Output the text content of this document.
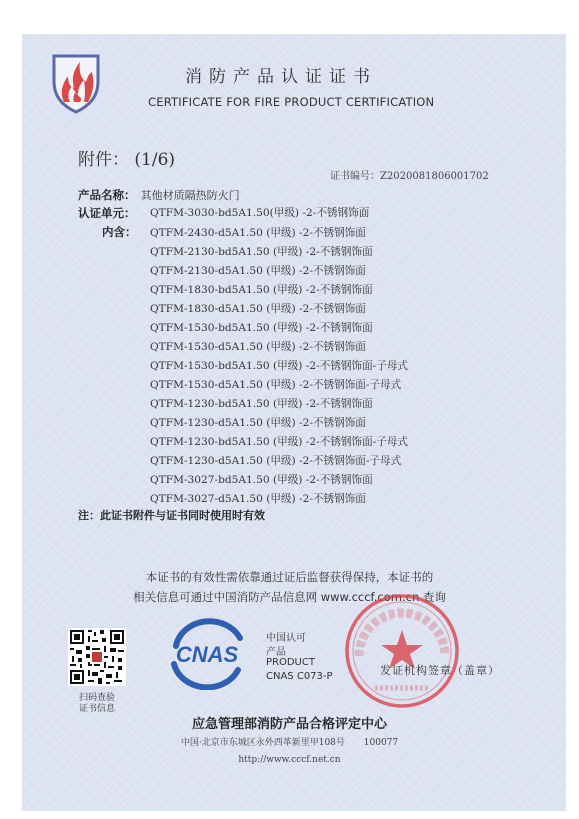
消防产品认证证书
CERTIFICATE FOR FIRE PRODUCT CERTIFICATION
附件： (1/6)
证书编号：Z2020081806001702
产品名称： 其他材质隔热防火门
认证单元： QTFM-3030-bd5A1.50(甲级) -2-不锈钢饰面
内含： QTFM-2430-d5A1.50 (甲级) -2-不锈钢饰面
QTFM-2130-bd5A1.50 (甲级) -2-不锈钢饰面
QTFM-2130-d5A1.50 (甲级) -2-不锈钢饰面
QTFM-1830-bd5A1.50 (甲级) -2-不锈钢饰面
QTFM-1830-d5A1.50 (甲级) -2-不锈钢饰面
QTFM-1530-bd5A1.50 (甲级) -2-不锈钢饰面
QTFM-1530-d5A1.50 (甲级) -2-不锈钢饰面
QTFM-1530-bd5A1.50 (甲级) -2-不锈钢饰面-子母式
QTFM-1530-d5A1.50 (甲级) -2-不锈钢饰面-子母式
QTFM-1230-bd5A1.50 (甲级) -2-不锈钢饰面
QTFM-1230-d5A1.50 (甲级) -2-不锈钢饰面
QTFM-1230-bd5A1.50 (甲级) -2-不锈钢饰面-子母式
QTFM-1230-d5A1.50 (甲级) -2-不锈钢饰面-子母式
QTFM-3027-bd5A1.50 (甲级) -2-不锈钢饰面
QTFM-3027-d5A1.50 (甲级) -2-不锈钢饰面
注：此证书附件与证书同时使用时有效
本证书的有效性需依靠通过证后监督获得保持，本证书的
相关信息可通过中国消防产品信息网 www.cccf.com.cn 查询
扫码查验
证书信息
CNAS
中国认可
产品
PRODUCT
CNAS C073-P	发证机构签章（盖章）
应急管理部消防产品合格评定中心
中国·北京市东城区永外西革新里甲108号 100077
http://www.cccf.net.cn
